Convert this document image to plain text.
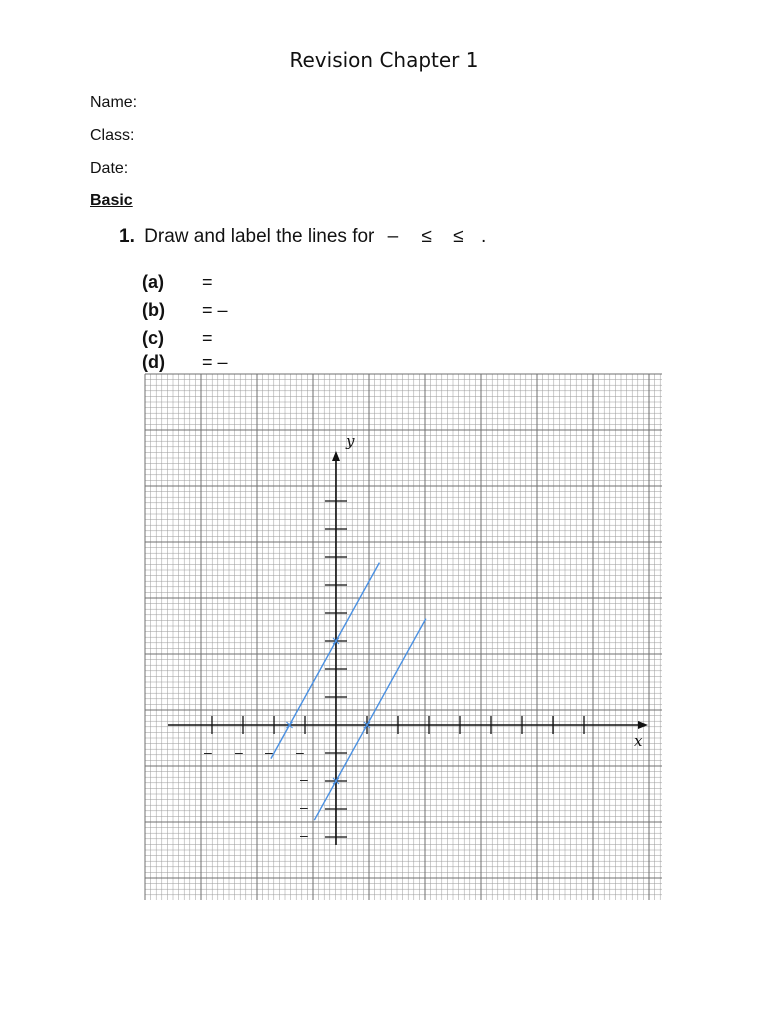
Revision Chapter 1
Name:
Class:
Date:
Basic
1. Draw and label the lines for – ≤ ≤ .
(a) =
(b) = –
(c) =
(d) = –
x
y
– – – –
–
–
–
